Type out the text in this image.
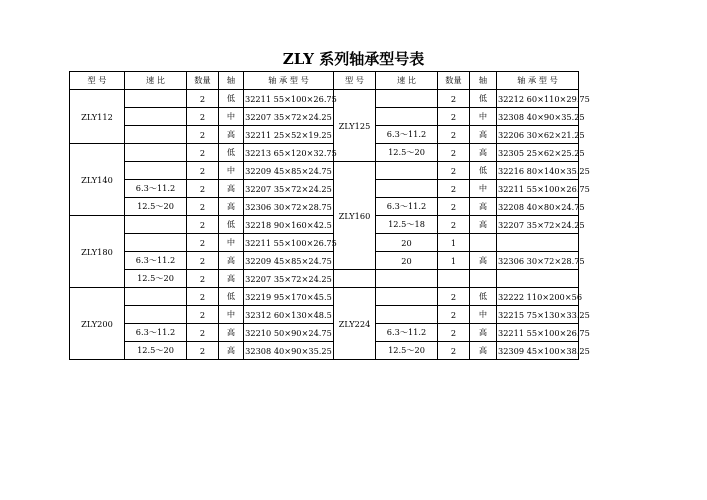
ZLY 系列轴承型号表
型 号	速 比	数量	轴	轴 承 型 号	型 号	速 比	数量	轴	轴 承 型 号
ZLY112		2	低	32211 55×100×26.75	ZLY125		2	低	32212 60×110×29.75
		2	中	32207 35×72×24.25			2	中	32308 40×90×35.25
		2	高	32211 25×52×19.25		6.3～11.2	2	高	32206 30×62×21.25
ZLY140		2	低	32213 65×120×32.75		12.5～20	2	高	32305 25×62×25.25
		2	中	32209 45×85×24.75	ZLY160		2	低	32216 80×140×35.25
	6.3～11.2	2	高	32207 35×72×24.25			2	中	32211 55×100×26.75
	12.5～20	2	高	32306 30×72×28.75		6.3～11.2	2	高	32208 40×80×24.75
ZLY180		2	低	32218 90×160×42.5		12.5～18	2	高	32207 35×72×24.25
		2	中	32211 55×100×26.75		20	1		
	6.3～11.2	2	高	32209 45×85×24.75		20	1	高	32306 30×72×28.75
	12.5～20	2	高	32207 35×72×24.25					
ZLY200		2	低	32219 95×170×45.5	ZLY224		2	低	32222 110×200×56
		2	中	32312 60×130×48.5			2	中	32215 75×130×33.25
	6.3～11.2	2	高	32210 50×90×24.75		6.3～11.2	2	高	32211 55×100×26.75
	12.5～20	2	高	32308 40×90×35.25		12.5～20	2	高	32309 45×100×38.25
